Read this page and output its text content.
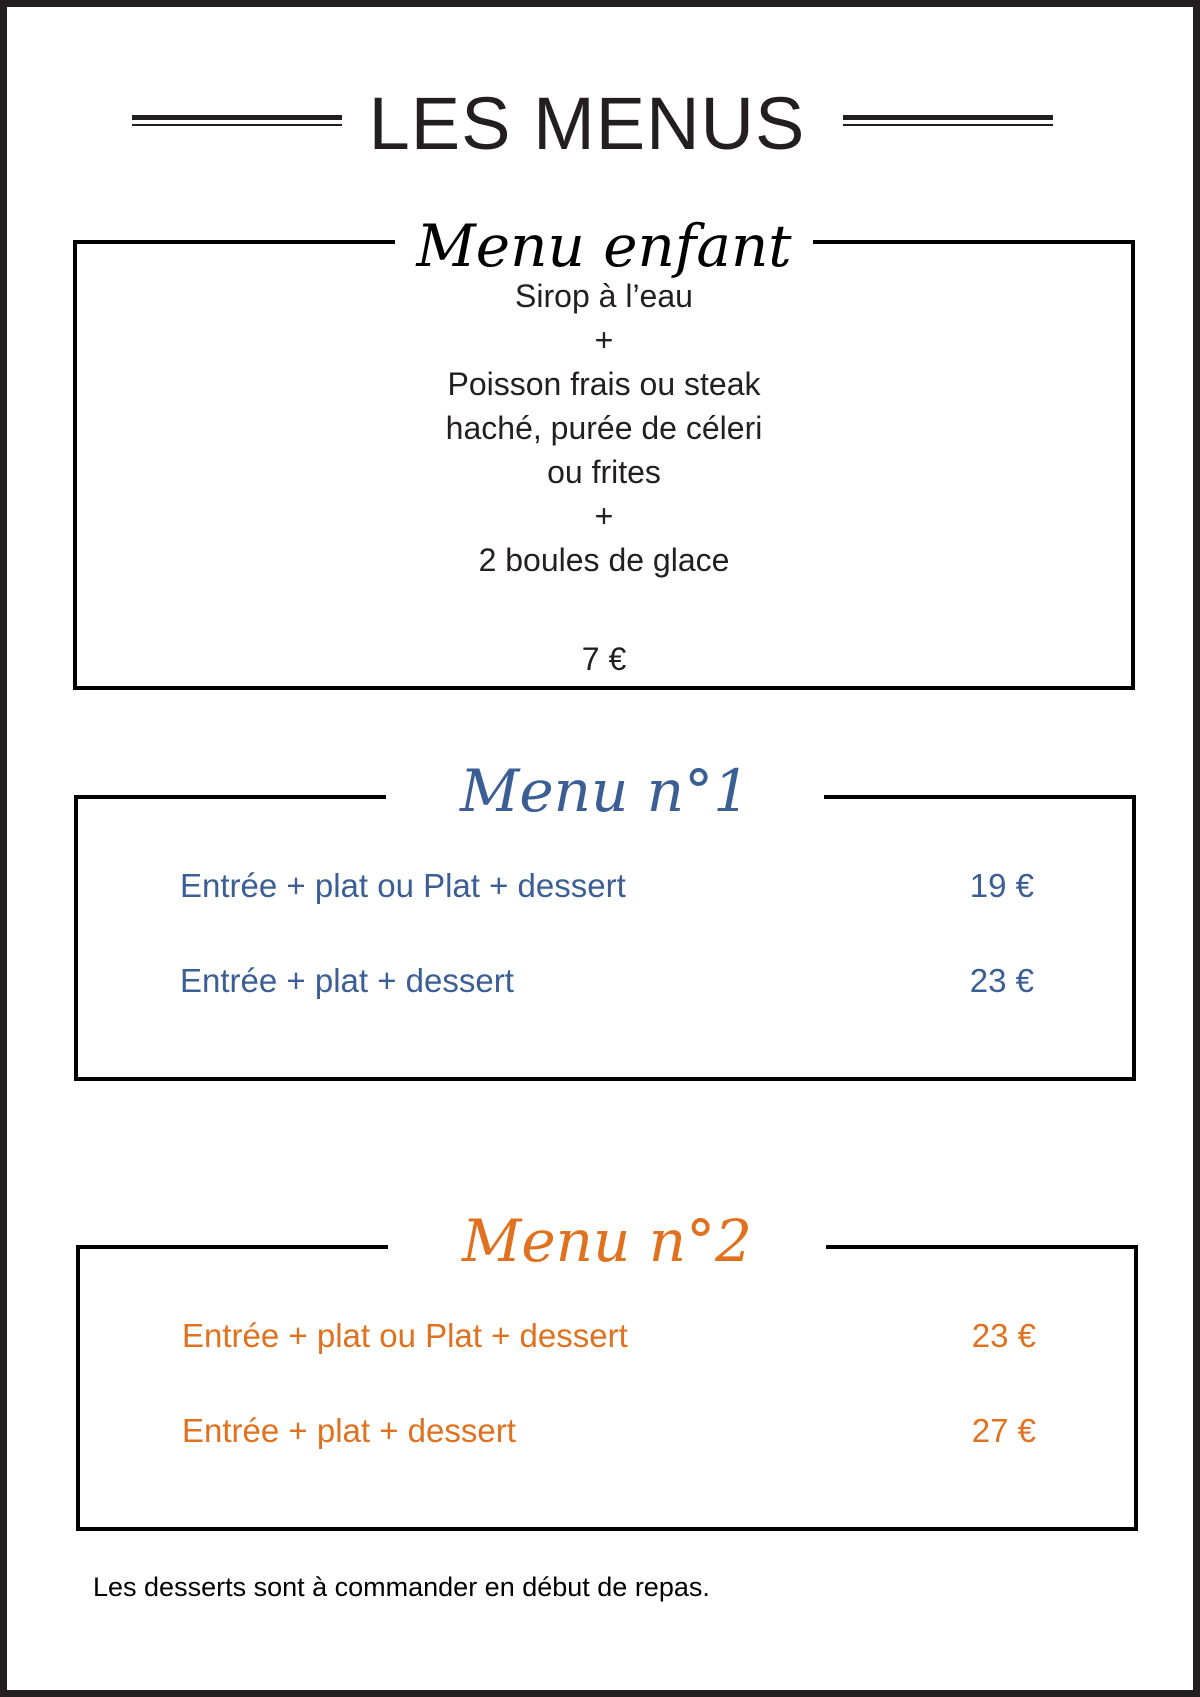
LES MENUS
Menu enfant
Sirop à l’eau
+
Poisson frais ou steak
haché, purée de céleri
ou frites
+
2 boules de glace
7 €
Menu n°1
Entrée + plat ou Plat + dessert	19 €
Entrée + plat + dessert	23 €
Menu n°2
Entrée + plat ou Plat + dessert	23 €
Entrée + plat + dessert	27 €

Les desserts sont à commander en début de repas.
